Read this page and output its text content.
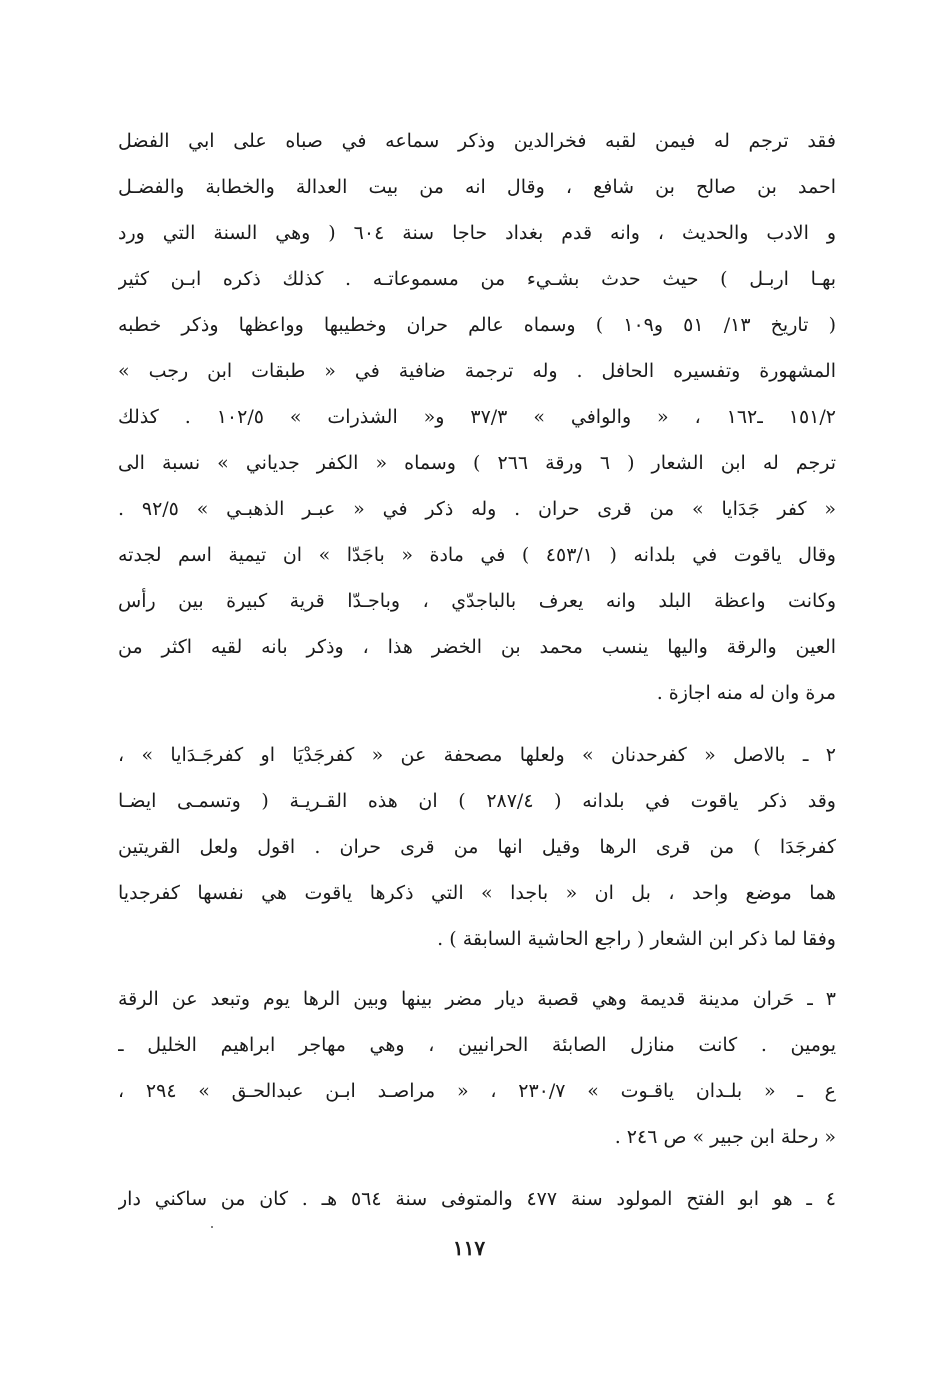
فقد ترجم له فيمن لقبه فخرالدين وذكر سماعه في صباه على ابي الفضل
احمد بن صالح بن شافع ، وقال انه من بيت العدالة والخطابة والفضـل
و الادب والحديث ، وانه قدم بغداد حاجا سنة ٦٠٤ ( وهي السنة التي ورد
بهـا اربـل ) حيث حدث بشـيء من مسموعاتـه . كذلك ذكره ابـن كثير
( تاريخ ١٣/ ٥١ و١٠٩ ) وسماه عالم حران وخطيبها وواعظها وذكر خطبه
المشهورة وتفسيره الحافل . وله ترجمة ضافية في « طبقات ابن رجب »
١٥١/٢ ـ١٦٢ ، « والوافي » ٣٧/٣ و« الشذرات » ١٠٢/٥ . كذلك
ترجم له ابن الشعار ( ٦ ورقة ٢٦٦ ) وسماه « الكفر جدياني » نسبة الى
« كفر جَدَايا » من قرى حران . وله ذكر في « عبـر الذهبـي » ٩٢/٥ .
وقال ياقوت في بلدانه ( ٤٥٣/١ ) في مادة « باجَدّا » ان تيمية اسم لجدته
وكانت واعظة البلد وانه يعرف بالباجدّي ، وباجـدّا قرية كبيرة بين رأس
العين والرقة واليها ينسب محمد بن الخضر هذا ، وذكر بانه لقيه اكثر من
مرة وان له منه اجازة .
٢ ـ بالاصل « كفرحدنان » ولعلها مصحفة عن « كفرجَدْيَا او كفرجَـدَايا » ،
وقد ذكر ياقوت في بلدانه ( ٢٨٧/٤ ) ان هذه القـريـة ( وتسمـى ايضـا
كفرجَدَا ) من قرى الرها وقيل انها من قرى حران . اقول ولعل القريتين
هما موضع واحد ، بل ان « باجدا » التي ذكرها ياقوت هي نفسها كفرجديا
وفقا لما ذكر ابن الشعار ( راجع الحاشية السابقة ) .
٣ ـ حَران مدينة قديمة وهي قصبة ديار مضر بينها وبين الرها يوم وتبعد عن الرقة
يومين . كانت منازل الصابئة الحرانيين ، وهي مهاجر ابراهيم الخليل ـ
ع ـ « بلـدان ياقـوت » ٢٣٠/٧ ، « مراصـد ابـن عبدالحـق » ٢٩٤ ،
« رحلة ابن جبير » ص ٢٤٦ .
٤ ـ هو ابو الفتح المولود سنة ٤٧٧ والمتوفى سنة ٥٦٤ هـ . كان من ساكني دار
١١٧
